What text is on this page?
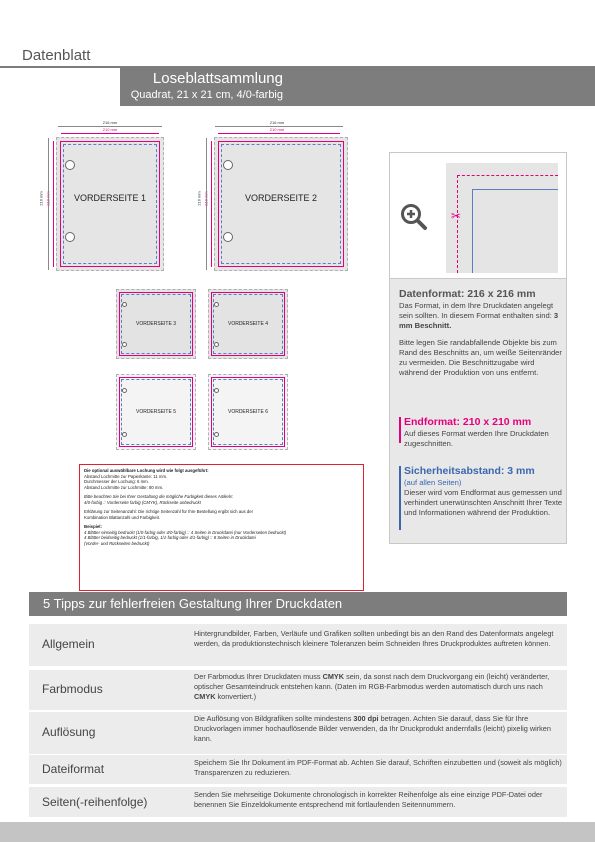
Datenblatt
Loseblattsammlung
Quadrat, 21 x 21 cm, 4/0-farbig
216 mm
210 mm
216 mm 210 mm	VORDERSEITE 1
216 mm
210 mm
216 mm 210 mm	VORDERSEITE 2
VORDERSEITE 3	VORDERSEITE 4
VORDERSEITE 5	VORDERSEITE 6
✂
Datenformat: 216 x 216 mm
Das Format, in dem Ihre Druckdaten angelegt sein sollten. In diesem Format enthalten sind: 3 mm Beschnitt.
Bitte legen Sie randabfallende Objekte bis zum Rand des Beschnitts an, um weiße Seitenränder zu vermeiden. Die Beschnittzugabe wird während der Produktion von uns entfernt.
Endformat: 210 x 210 mm
Auf dieses Format werden Ihre Druckdaten zugeschnitten.
Sicherheitsabstand: 3 mm
(auf allen Seiten)
Dieser wird vom Endformat aus gemessen und verhindert unerwünschten Anschnitt Ihrer Texte und Informationen während der Produktion.

Die optional auswählbare Lochung wird wie folgt ausgeführt:

Abstand Lochmitte zur Papierkante: 11 mm.

Durchmesser der Lochung: 6 mm.

Abstand Lochmitte zur Lochmitte: 80 mm.

Bitte beachten Sie bei Ihrer Gestaltung die mögliche Farbigkeit dieses Artikels:

4/0-farbig :: Vorderseite farbig (CMYK), Rückseite unbedruckt

Erklärung zur Seitenanzahl: Die richtige Seitenzahl für Ihre Bestellung ergibt sich aus der

Kombination Blattanzahl und Farbigkeit.

Beispiel:

4 Blätter einseitig bedruckt (1/0-farbig oder 4/0-farbig) :: 4 Seiten in Druckdatei (nur Vorderseiten bedruckt)

4 Blätter beidseitig bedruckt (1/1-farbig, 1/1-farbig oder 4/1-farbig) :: 8 Seiten in Druckdatei

(Vorder- und Rückseiten bedruckt)

5 Tipps zur fehlerfreien Gestaltung Ihrer Druckdaten
Allgemein
Hintergrundbilder, Farben, Verläufe und Grafiken sollten unbedingt bis an den Rand des Datenformats angelegt werden, da produktionstechnisch kleinere Toleranzen beim Schneiden Ihres Druckproduktes auftreten können.
Farbmodus
Der Farbmodus Ihrer Druckdaten muss CMYK sein, da sonst nach dem Druckvorgang ein (leicht) veränderter, optischer Gesamteindruck entstehen kann. (Daten im RGB-Farbmodus werden automatisch durch uns nach CMYK konvertiert.)
Auflösung
Die Auflösung von Bildgrafiken sollte mindestens 300 dpi betragen. Achten Sie darauf, dass Sie für Ihre Druckvorlagen immer hochauflösende Bilder verwenden, da Ihr Druckprodukt andernfalls (leicht) pixelig wirken kann.
Dateiformat	Speichern Sie Ihr Dokument im PDF-Format ab. Achten Sie darauf, Schriften einzubetten und (soweit als möglich) Transparenzen zu reduzieren.
Seiten(-reihenfolge)
Senden Sie mehrseitige Dokumente chronologisch in korrekter Reihenfolge als eine einzige PDF-Datei oder benennen Sie Einzeldokumente entsprechend mit fortlaufenden Seitennummern.
